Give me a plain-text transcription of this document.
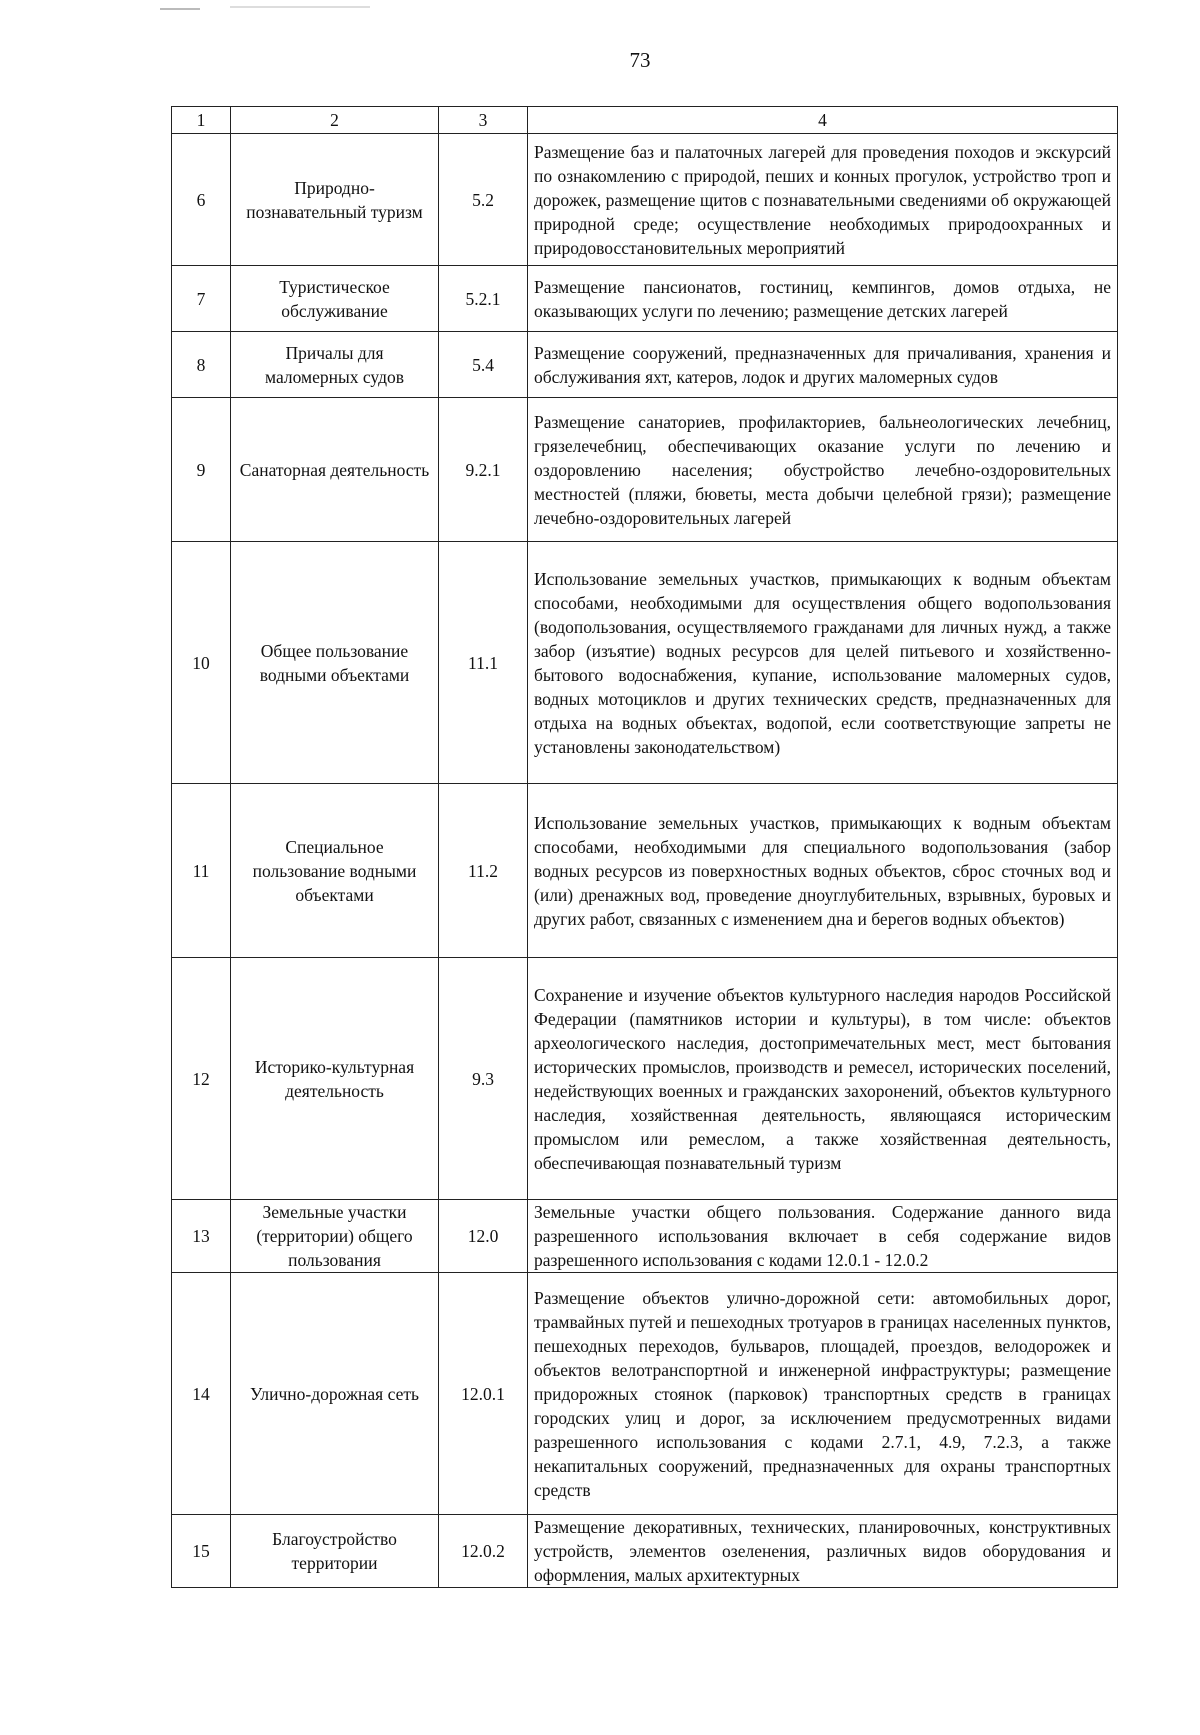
73
1	2	3	4
6	Природно-познавательный туризм	5.2	Размещение баз и палаточных лагерей для проведения походов и экскурсий по ознакомлению с природой, пеших и конных прогулок, устройство троп и дорожек, размещение щитов с познавательными сведениями об окружающей природной среде; осуществление необходимых природоохранных и природовосстановительных мероприятий
7	Туристическое обслуживание	5.2.1	Размещение пансионатов, гостиниц, кемпингов, домов отдыха, не оказывающих услуги по лечению; размещение детских лагерей
8	Причалы для маломерных судов	5.4	Размещение сооружений, предназначенных для причаливания, хранения и обслуживания яхт, катеров, лодок и других маломерных судов
9	Санаторная деятельность	9.2.1	Размещение санаториев, профилакториев, бальнеологических лечебниц, грязелечебниц, обеспечивающих оказание услуги по лечению и оздоровлению населения; обустройство лечебно-оздоровительных местностей (пляжи, бюветы, места добычи целебной грязи); размещение лечебно-оздоровительных лагерей
10	Общее пользование водными объектами	11.1	Использование земельных участков, примыкающих к водным объектам способами, необходимыми для осуществления общего водопользования (водопользования, осуществляемого гражданами для личных нужд, а также забор (изъятие) водных ресурсов для целей питьевого и хозяйственно-бытового водоснабжения, купание, использование маломерных судов, водных мотоциклов и других технических средств, предназначенных для отдыха на водных объектах, водопой, если соответствующие запреты не установлены законодательством)
11	Специальное пользование водными объектами	11.2	Использование земельных участков, примыкающих к водным объектам способами, необходимыми для специального водопользования (забор водных ресурсов из поверхностных водных объектов, сброс сточных вод и (или) дренажных вод, проведение дноуглубительных, взрывных, буровых и других работ, связанных с изменением дна и берегов водных объектов)
12	Историко-культурная деятельность	9.3	Сохранение и изучение объектов культурного наследия народов Российской Федерации (памятников истории и культуры), в том числе: объектов археологического наследия, достопримечательных мест, мест бытования исторических промыслов, производств и ремесел, исторических поселений, недействующих военных и гражданских захоронений, объектов культурного наследия, хозяйственная деятельность, являющаяся историческим промыслом или ремеслом, а также хозяйственная деятельность, обеспечивающая познавательный туризм
13	Земельные участки (территории) общего пользования	12.0	Земельные участки общего пользования. Содержание данного вида разрешенного использования включает в себя содержание видов разрешенного использования с кодами 12.0.1 - 12.0.2
14	Улично-дорожная сеть	12.0.1	Размещение объектов улично-дорожной сети: автомобильных дорог, трамвайных путей и пешеходных тротуаров в границах населенных пунктов, пешеходных переходов, бульваров, площадей, проездов, велодорожек и объектов велотранспортной и инженерной инфраструктуры; размещение придорожных стоянок (парковок) транспортных средств в границах городских улиц и дорог, за исключением предусмотренных видами разрешенного использования с кодами 2.7.1, 4.9, 7.2.3, а также некапитальных сооружений, предназначенных для охраны транспортных средств
15	Благоустройство территории	12.0.2	Размещение декоративных, технических, планировочных, конструктивных устройств, элементов озеленения, различных видов оборудования и оформления, малых архитектурных
